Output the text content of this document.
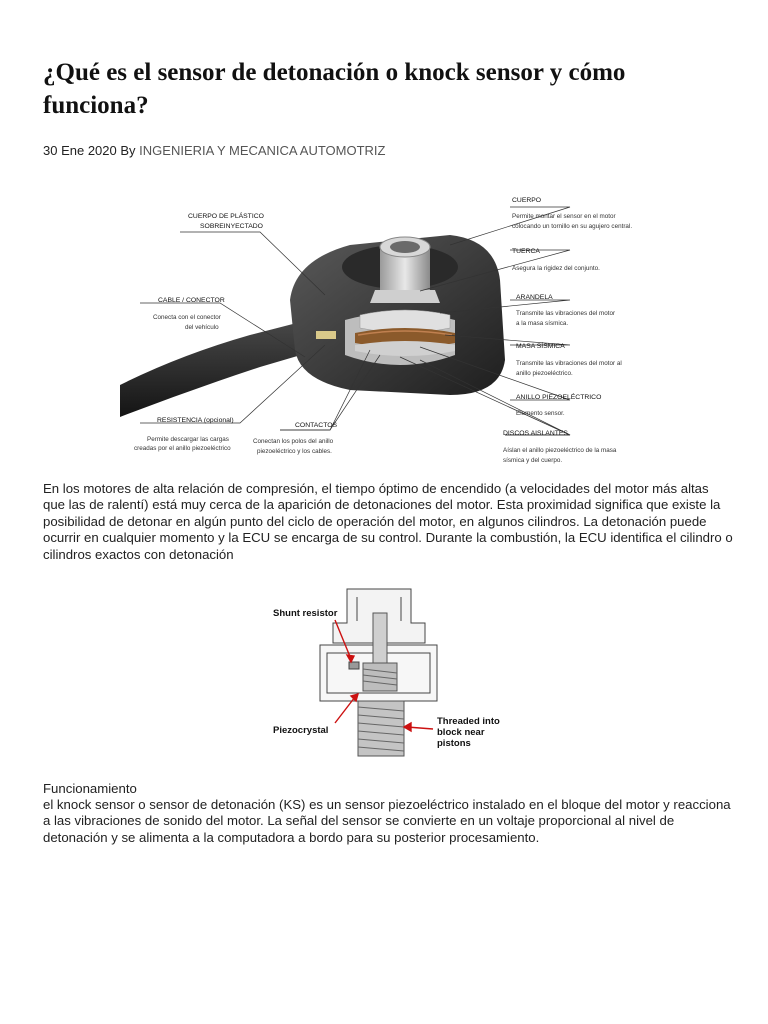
¿Qué es el sensor de detonación o knock sensor y cómo funciona?
30 Ene 2020 By INGENIERIA Y MECANICA AUTOMOTRIZ
CUERPO DE PLÁSTICO
SOBREINYECTADO
CABLE / CONECTOR
Conecta con el conector
del vehículo
RESISTENCIA (opcional)
Permite descargar las cargas
creadas por el anillo piezoeléctrico
CONTACTOS
Conectan los polos del anillo
piezoeléctrico y los cables.
CUERPO
Permite montar el sensor en el motor
colocando un tornillo en su agujero central.
TUERCA
Asegura la rigidez del conjunto.
ARANDELA
Transmite las vibraciones del motor
a la masa sísmica.
MASA SÍSMICA
Transmite las vibraciones del motor al
anillo piezoeléctrico.
ANILLO PIEZOELÉCTRICO
Elemento sensor.
DISCOS AISLANTES
Aíslan el anillo piezoeléctrico de la masa
sísmica y del cuerpo.

En los motores de alta relación de compresión, el tiempo óptimo de encendido (a velocidades del motor más altas que las de ralentí) está muy cerca de la aparición de detonaciones del motor. Esta proximidad significa que existe la posibilidad de detonar en algún punto del ciclo de operación del motor, en algunos cilindros. La detonación puede ocurrir en cualquier momento y la ECU se encarga de su control. Durante la combustión, la ECU identifica el cilindro o cilindros exactos con detonación

Shunt resistor
Piezocrystal
Threaded into
block near
pistons

Funcionamiento

el knock sensor o sensor de detonación (KS) es un sensor piezoeléctrico instalado en el bloque del motor y reacciona a las vibraciones de sonido del motor. La señal del sensor se convierte en un voltaje proporcional al nivel de detonación y se alimenta a la computadora a bordo para su posterior procesamiento.
